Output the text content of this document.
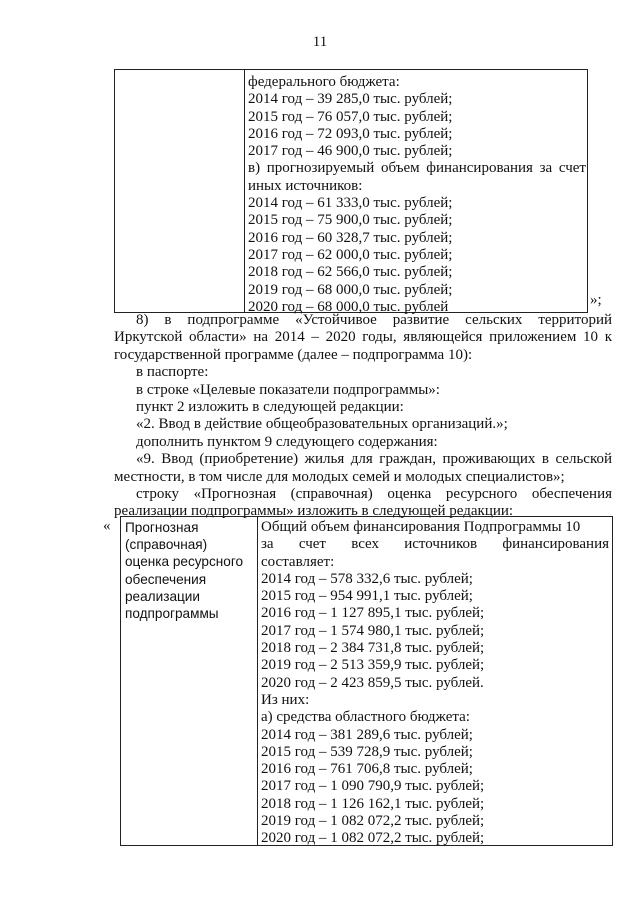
11
федерального бюджета:
2014 год – 39 285,0 тыс. рублей;
2015 год – 76 057,0 тыс. рублей;
2016 год – 72 093,0 тыс. рублей;
2017 год – 46 900,0 тыс. рублей;
в) прогнозируемый объем финансирования за счет
иных источников:
2014 год – 61 333,0 тыс. рублей;
2015 год – 75 900,0 тыс. рублей;
2016 год – 60 328,7 тыс. рублей;
2017 год – 62 000,0 тыс. рублей;
2018 год – 62 566,0 тыс. рублей;
2019 год – 68 000,0 тыс. рублей;
2020 год – 68 000,0 тыс. рублей	»;

8) в подпрограмме «Устойчивое развитие сельских территорий

Иркутской области» на 2014 – 2020 годы, являющейся приложением 10 к

государственной программе (далее – подпрограмма 10):

в паспорте:

в строке «Целевые показатели подпрограммы»:

пункт 2 изложить в следующей редакции:

«2. Ввод в действие общеобразовательных организаций.»;

дополнить пунктом 9 следующего содержания:

«9. Ввод (приобретение) жилья для граждан, проживающих в сельской

местности, в том числе для молодых семей и молодых специалистов»;

строку «Прогнозная (справочная) оценка ресурсного обеспечения

реализации подпрограммы» изложить в следующей редакции:

« Прогнозная
(справочная)
оценка ресурсного
обеспечения
реализации
подпрограммы
Общий объем финансирования Подпрограммы 10
за счет всех источников финансирования
составляет:
2014 год – 578 332,6 тыс. рублей;
2015 год – 954 991,1 тыс. рублей;
2016 год – 1 127 895,1 тыс. рублей;
2017 год – 1 574 980,1 тыс. рублей;
2018 год – 2 384 731,8 тыс. рублей;
2019 год – 2 513 359,9 тыс. рублей;
2020 год – 2 423 859,5 тыс. рублей.
Из них:
а) средства областного бюджета:
2014 год – 381 289,6 тыс. рублей;
2015 год – 539 728,9 тыс. рублей;
2016 год – 761 706,8 тыс. рублей;
2017 год – 1 090 790,9 тыс. рублей;
2018 год – 1 126 162,1 тыс. рублей;
2019 год – 1 082 072,2 тыс. рублей;
2020 год – 1 082 072,2 тыс. рублей;
